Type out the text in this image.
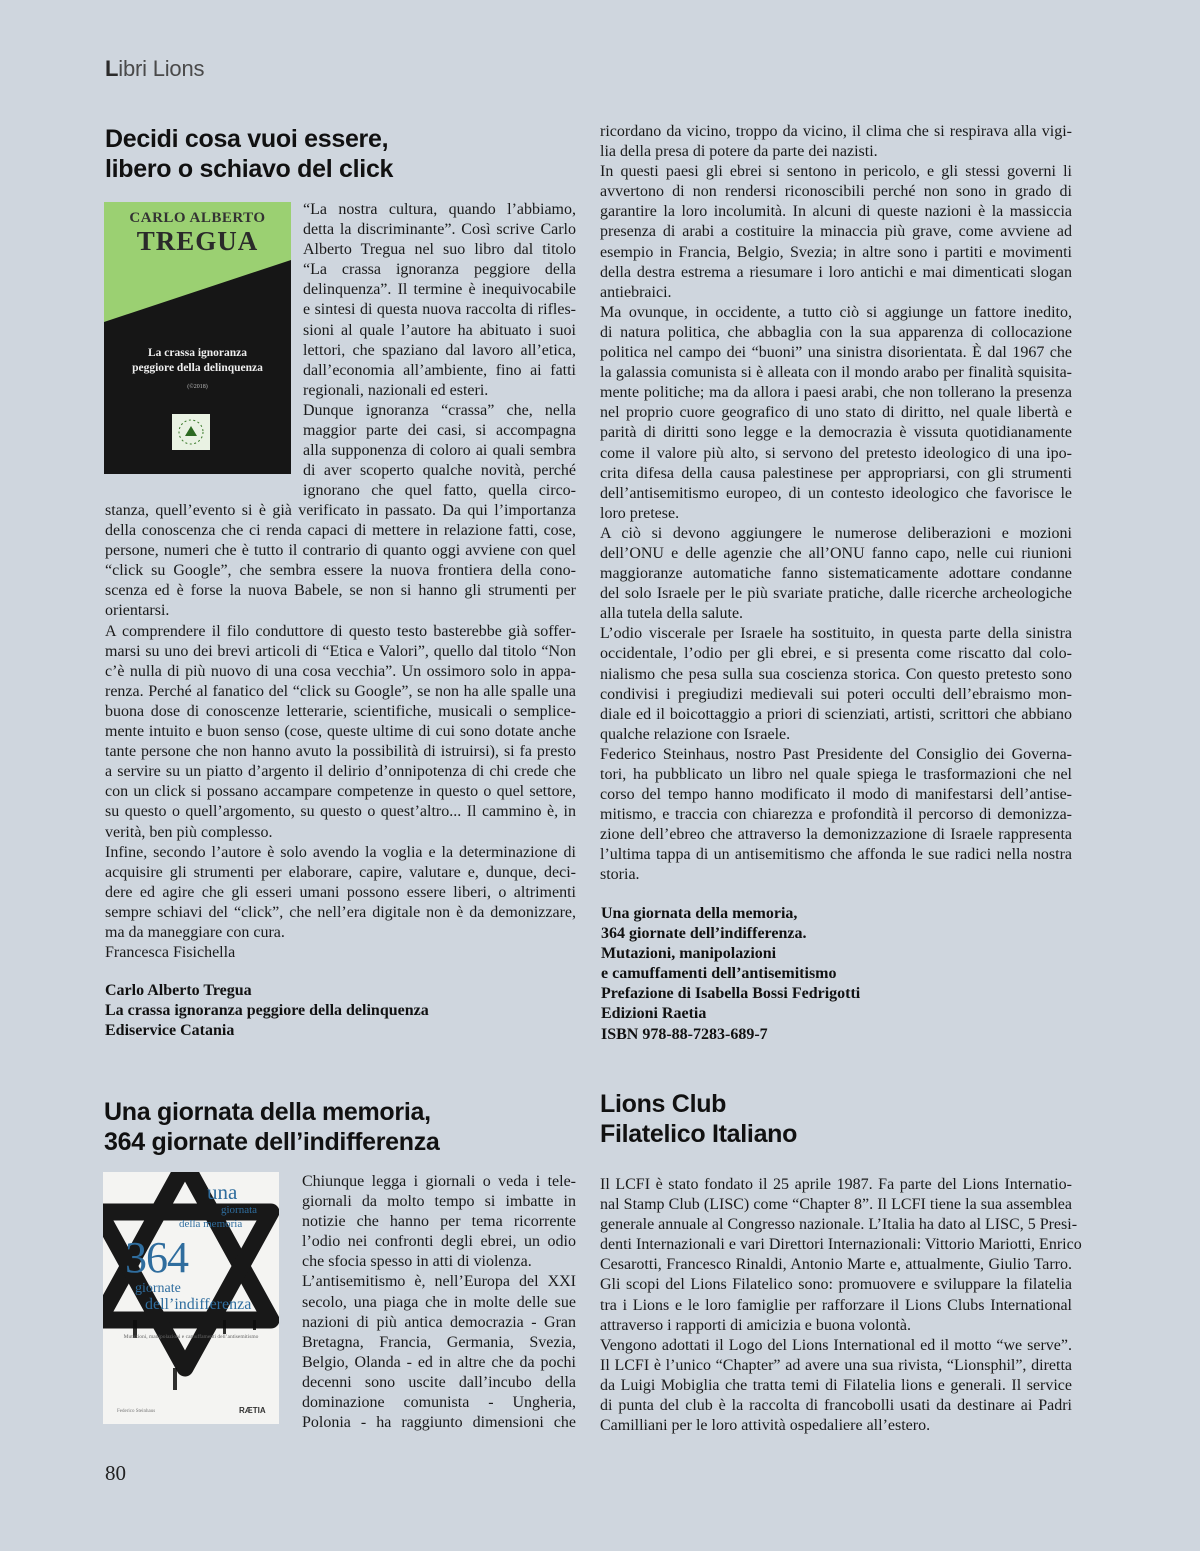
Libri Lions
Decidi cosa vuoi essere,
libero o schiavo del click
CARLO ALBERTO
TREGUA
La crassa ignoranza
peggiore della delinquenza
(©2018)

“La nostra cultura, quando l’abbiamo,

detta la discriminante”. Così scrive Carlo

Alberto Tregua nel suo libro dal titolo

“La crassa ignoranza peggiore della

delinquenza”. Il termine è inequivocabile

e sintesi di questa nuova raccolta di rifles-

sioni al quale l’autore ha abituato i suoi

lettori, che spaziano dal lavoro all’etica,

dall’economia all’ambiente, fino ai fatti

regionali, nazionali ed esteri.

Dunque ignoranza “crassa” che, nella

maggior parte dei casi, si accompagna

alla supponenza di coloro ai quali sembra

di aver scoperto qualche novità, perché

ignorano che quel fatto, quella circo-

stanza, quell’evento si è già verificato in passato. Da qui l’importanza

della conoscenza che ci renda capaci di mettere in relazione fatti, cose,

persone, numeri che è tutto il contrario di quanto oggi avviene con quel

“click su Google”, che sembra essere la nuova frontiera della cono-

scenza ed è forse la nuova Babele, se non si hanno gli strumenti per

orientarsi.

A comprendere il filo conduttore di questo testo basterebbe già soffer-

marsi su uno dei brevi articoli di “Etica e Valori”, quello dal titolo “Non

c’è nulla di più nuovo di una cosa vecchia”. Un ossimoro solo in appa-

renza. Perché al fanatico del “click su Google”, se non ha alle spalle una

buona dose di conoscenze letterarie, scientifiche, musicali o semplice-

mente intuito e buon senso (cose, queste ultime di cui sono dotate anche

tante persone che non hanno avuto la possibilità di istruirsi), si fa presto

a servire su un piatto d’argento il delirio d’onnipotenza di chi crede che

con un click si possano accampare competenze in questo o quel settore,

su questo o quell’argomento, su questo o quest’altro... Il cammino è, in

verità, ben più complesso.

Infine, secondo l’autore è solo avendo la voglia e la determinazione di

acquisire gli strumenti per elaborare, capire, valutare e, dunque, deci-

dere ed agire che gli esseri umani possono essere liberi, o altrimenti

sempre schiavi del “click”, che nell’era digitale non è da demonizzare,

ma da maneggiare con cura.

Francesca Fisichella

Carlo Alberto Tregua
La crassa ignoranza peggiore della delinquenza
Ediservice Catania

ricordano da vicino, troppo da vicino, il clima che si respirava alla vigi-

lia della presa di potere da parte dei nazisti.

In questi paesi gli ebrei si sentono in pericolo, e gli stessi governi li

avvertono di non rendersi riconoscibili perché non sono in grado di

garantire la loro incolumità. In alcuni di queste nazioni è la massiccia

presenza di arabi a costituire la minaccia più grave, come avviene ad

esempio in Francia, Belgio, Svezia; in altre sono i partiti e movimenti

della destra estrema a riesumare i loro antichi e mai dimenticati slogan

antiebraici.

Ma ovunque, in occidente, a tutto ciò si aggiunge un fattore inedito,

di natura politica, che abbaglia con la sua apparenza di collocazione

politica nel campo dei “buoni” una sinistra disorientata. È dal 1967 che

la galassia comunista si è alleata con il mondo arabo per finalità squisita-

mente politiche; ma da allora i paesi arabi, che non tollerano la presenza

nel proprio cuore geografico di uno stato di diritto, nel quale libertà e

parità di diritti sono legge e la democrazia è vissuta quotidianamente

come il valore più alto, si servono del pretesto ideologico di una ipo-

crita difesa della causa palestinese per appropriarsi, con gli strumenti

dell’antisemitismo europeo, di un contesto ideologico che favorisce le

loro pretese.

A ciò si devono aggiungere le numerose deliberazioni e mozioni

dell’ONU e delle agenzie che all’ONU fanno capo, nelle cui riunioni

maggioranze automatiche fanno sistematicamente adottare condanne

del solo Israele per le più svariate pratiche, dalle ricerche archeologiche

alla tutela della salute.

L’odio viscerale per Israele ha sostituito, in questa parte della sinistra

occidentale, l’odio per gli ebrei, e si presenta come riscatto dal colo-

nialismo che pesa sulla sua coscienza storica. Con questo pretesto sono

condivisi i pregiudizi medievali sui poteri occulti dell’ebraismo mon-

diale ed il boicottaggio a priori di scienziati, artisti, scrittori che abbiano

qualche relazione con Israele.

Federico Steinhaus, nostro Past Presidente del Consiglio dei Governa-

tori, ha pubblicato un libro nel quale spiega le trasformazioni che nel

corso del tempo hanno modificato il modo di manifestarsi dell’antise-

mitismo, e traccia con chiarezza e profondità il percorso di demonizza-

zione dell’ebreo che attraverso la demonizzazione di Israele rappresenta

l’ultima tappa di un antisemitismo che affonda le sue radici nella nostra

storia.

Una giornata della memoria,
364 giornate dell’indifferenza.
Mutazioni, manipolazioni
e camuffamenti dell’antisemitismo
Prefazione di Isabella Bossi Fedrigotti
Edizioni Raetia
ISBN 978-88-7283-689-7
Una giornata della memoria,
364 giornate dell’indifferenza
una
giornata
della memoria
364
giornate
dell’indifferenza
Mutazioni, manipolazioni e camuffamenti dell’antisemitismo
Federico Steinhaus	RÆTIA

Chiunque legga i giornali o veda i tele-

giornali da molto tempo si imbatte in

notizie che hanno per tema ricorrente

l’odio nei confronti degli ebrei, un odio

che sfocia spesso in atti di violenza.

L’antisemitismo è, nell’Europa del XXI

secolo, una piaga che in molte delle sue

nazioni di più antica democrazia - Gran

Bretagna, Francia, Germania, Svezia,

Belgio, Olanda - ed in altre che da pochi

decenni sono uscite dall’incubo della

dominazione comunista - Ungheria,

Polonia - ha raggiunto dimensioni che

Lions Club
Filatelico Italiano

Il LCFI è stato fondato il 25 aprile 1987. Fa parte del Lions Internatio-

nal Stamp Club (LISC) come “Chapter 8”. Il LCFI tiene la sua assemblea

generale annuale al Congresso nazionale. L’Italia ha dato al LISC, 5 Presi-

denti Internazionali e vari Direttori Internazionali: Vittorio Mariotti, Enrico

Cesarotti, Francesco Rinaldi, Antonio Marte e, attualmente, Giulio Tarro.

Gli scopi del Lions Filatelico sono: promuovere e sviluppare la filatelia

tra i Lions e le loro famiglie per rafforzare il Lions Clubs International

attraverso i rapporti di amicizia e buona volontà.

Vengono adottati il Logo del Lions International ed il motto “we serve”.

Il LCFI è l’unico “Chapter” ad avere una sua rivista, “Lionsphil”, diretta

da Luigi Mobiglia che tratta temi di Filatelia lions e generali. Il service

di punta del club è la raccolta di francobolli usati da destinare ai Padri

Camilliani per le loro attività ospedaliere all’estero.

80
